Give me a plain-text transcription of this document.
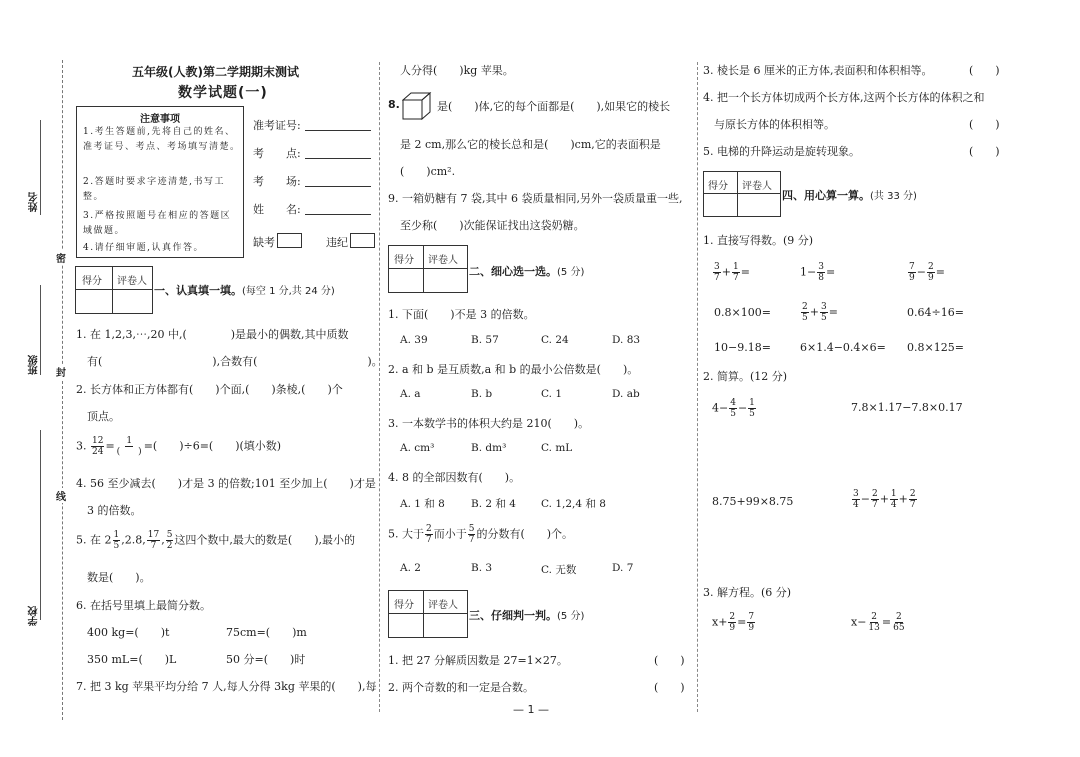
姓名
班级
学校
密
封
线
五年级(人教)第二学期期末测试
数学试题(一)
注意事项
1.考生答题前,先将自己的姓名、准考证号、考点、考场填写清楚。
2.答题时要求字迹清楚,书写工整。
3.严格按照题号在相应的答题区域做题。
4.请仔细审题,认真作答。
准考证号:
考　　点:
考　　场:
姓　　名:
缺考	违纪
得分 评卷人
一、认真填一填。(每空 1 分,共 24 分)
1. 在 1,2,3,⋯,20 中,(　　　　)是最小的偶数,其中质数
有(　　　　　　　　　　),合数有(　　　　　　　　　　)。
2. 长方体和正方体都有(　　)个面,(　　)条棱,(　　)个
顶点。
3. $\frac{12}{24} = \frac{1}{( )}$ =(　　)÷6=(　　)(填小数)
4. 56 至少减去(　　)才是 3 的倍数;101 至少加上(　　)才是
3 的倍数。
5. 在 $2 \frac{1}{5} ,2.8$, $\frac{17}{7}$ , $\frac{5}{2}$ 这四个数中,最大的数是(　　),最小的
数是(　　)。
6. 在括号里填上最简分数。
400 kg=(　　)t	75cm=(　　)m
350 mL=(　　)L	50 分=(　　)时
7. 把 3 kg 苹果平均分给 7 人,每人分得 3kg 苹果的(　　),每
人分得(　　)kg 苹果。
8.	是(　　)体,它的每个面都是(　　),如果它的棱长
是 2 cm,那么它的棱长总和是(　　)cm,它的表面积是
(　　)cm².
9. 一箱奶糖有 7 袋,其中 6 袋质量相同,另外一袋质量重一些,
至少称(　　)次能保证找出这袋奶糖。
得分 评卷人
二、细心选一选。(5 分)
1. 下面(　　)不是 3 的倍数。
A. 39	B. 57	C. 24	D. 83
2. a 和 b 是互质数,a 和 b 的最小公倍数是(　　)。
A. a	B. b	C. 1	D. ab
3. 一本数学书的体积大约是 210(　　)。
A. cm³	B. dm³	C. mL
4. 8 的全部因数有(　　)。
A. 1 和 8 B. 2 和 4 C. 1,2,4 和 8
5. 大于 $\frac{2}{7}$ 而小于 $\frac{5}{7}$ 的分数有(　　)个。
A. 2	B. 3	C. 无数	D. 7
得分 评卷人
三、仔细判一判。(5 分)
1. 把 27 分解质因数是 27=1×27。	(　　)
2. 两个奇数的和一定是合数。	(　　)
— 1 —
3. 棱长是 6 厘米的正方体,表面积和体积相等。	(　　)
4. 把一个长方体切成两个长方体,这两个长方体的体积之和
与原长方体的体积相等。	(　　)
5. 电梯的升降运动是旋转现象。	(　　)
得分 评卷人
四、用心算一算。(共 33 分)
1. 直接写得数。(9 分)
$\frac{3}{7} + \frac{1}{7}$ =	$1- \frac{3}{8}$ =	$\frac{7}{9} - \frac{2}{9}$ =
0.8×100=	$\frac{2}{5} + \frac{3}{5}$ =	0.64÷16=
10−9.18=	6×1.4−0.4×6= 0.8×125=
2. 简算。(12 分)
$4- \frac{4}{5} - \frac{1}{5}$	7.8×1.17−7.8×0.17
8.75+99×8.75	$\frac{3}{4} - \frac{2}{7} + \frac{1}{4} + \frac{2}{7}$
3. 解方程。(6 分)
$x+ \frac{2}{9} = \frac{7}{9}$	$x- \frac{2}{13} = \frac{2}{65}$
